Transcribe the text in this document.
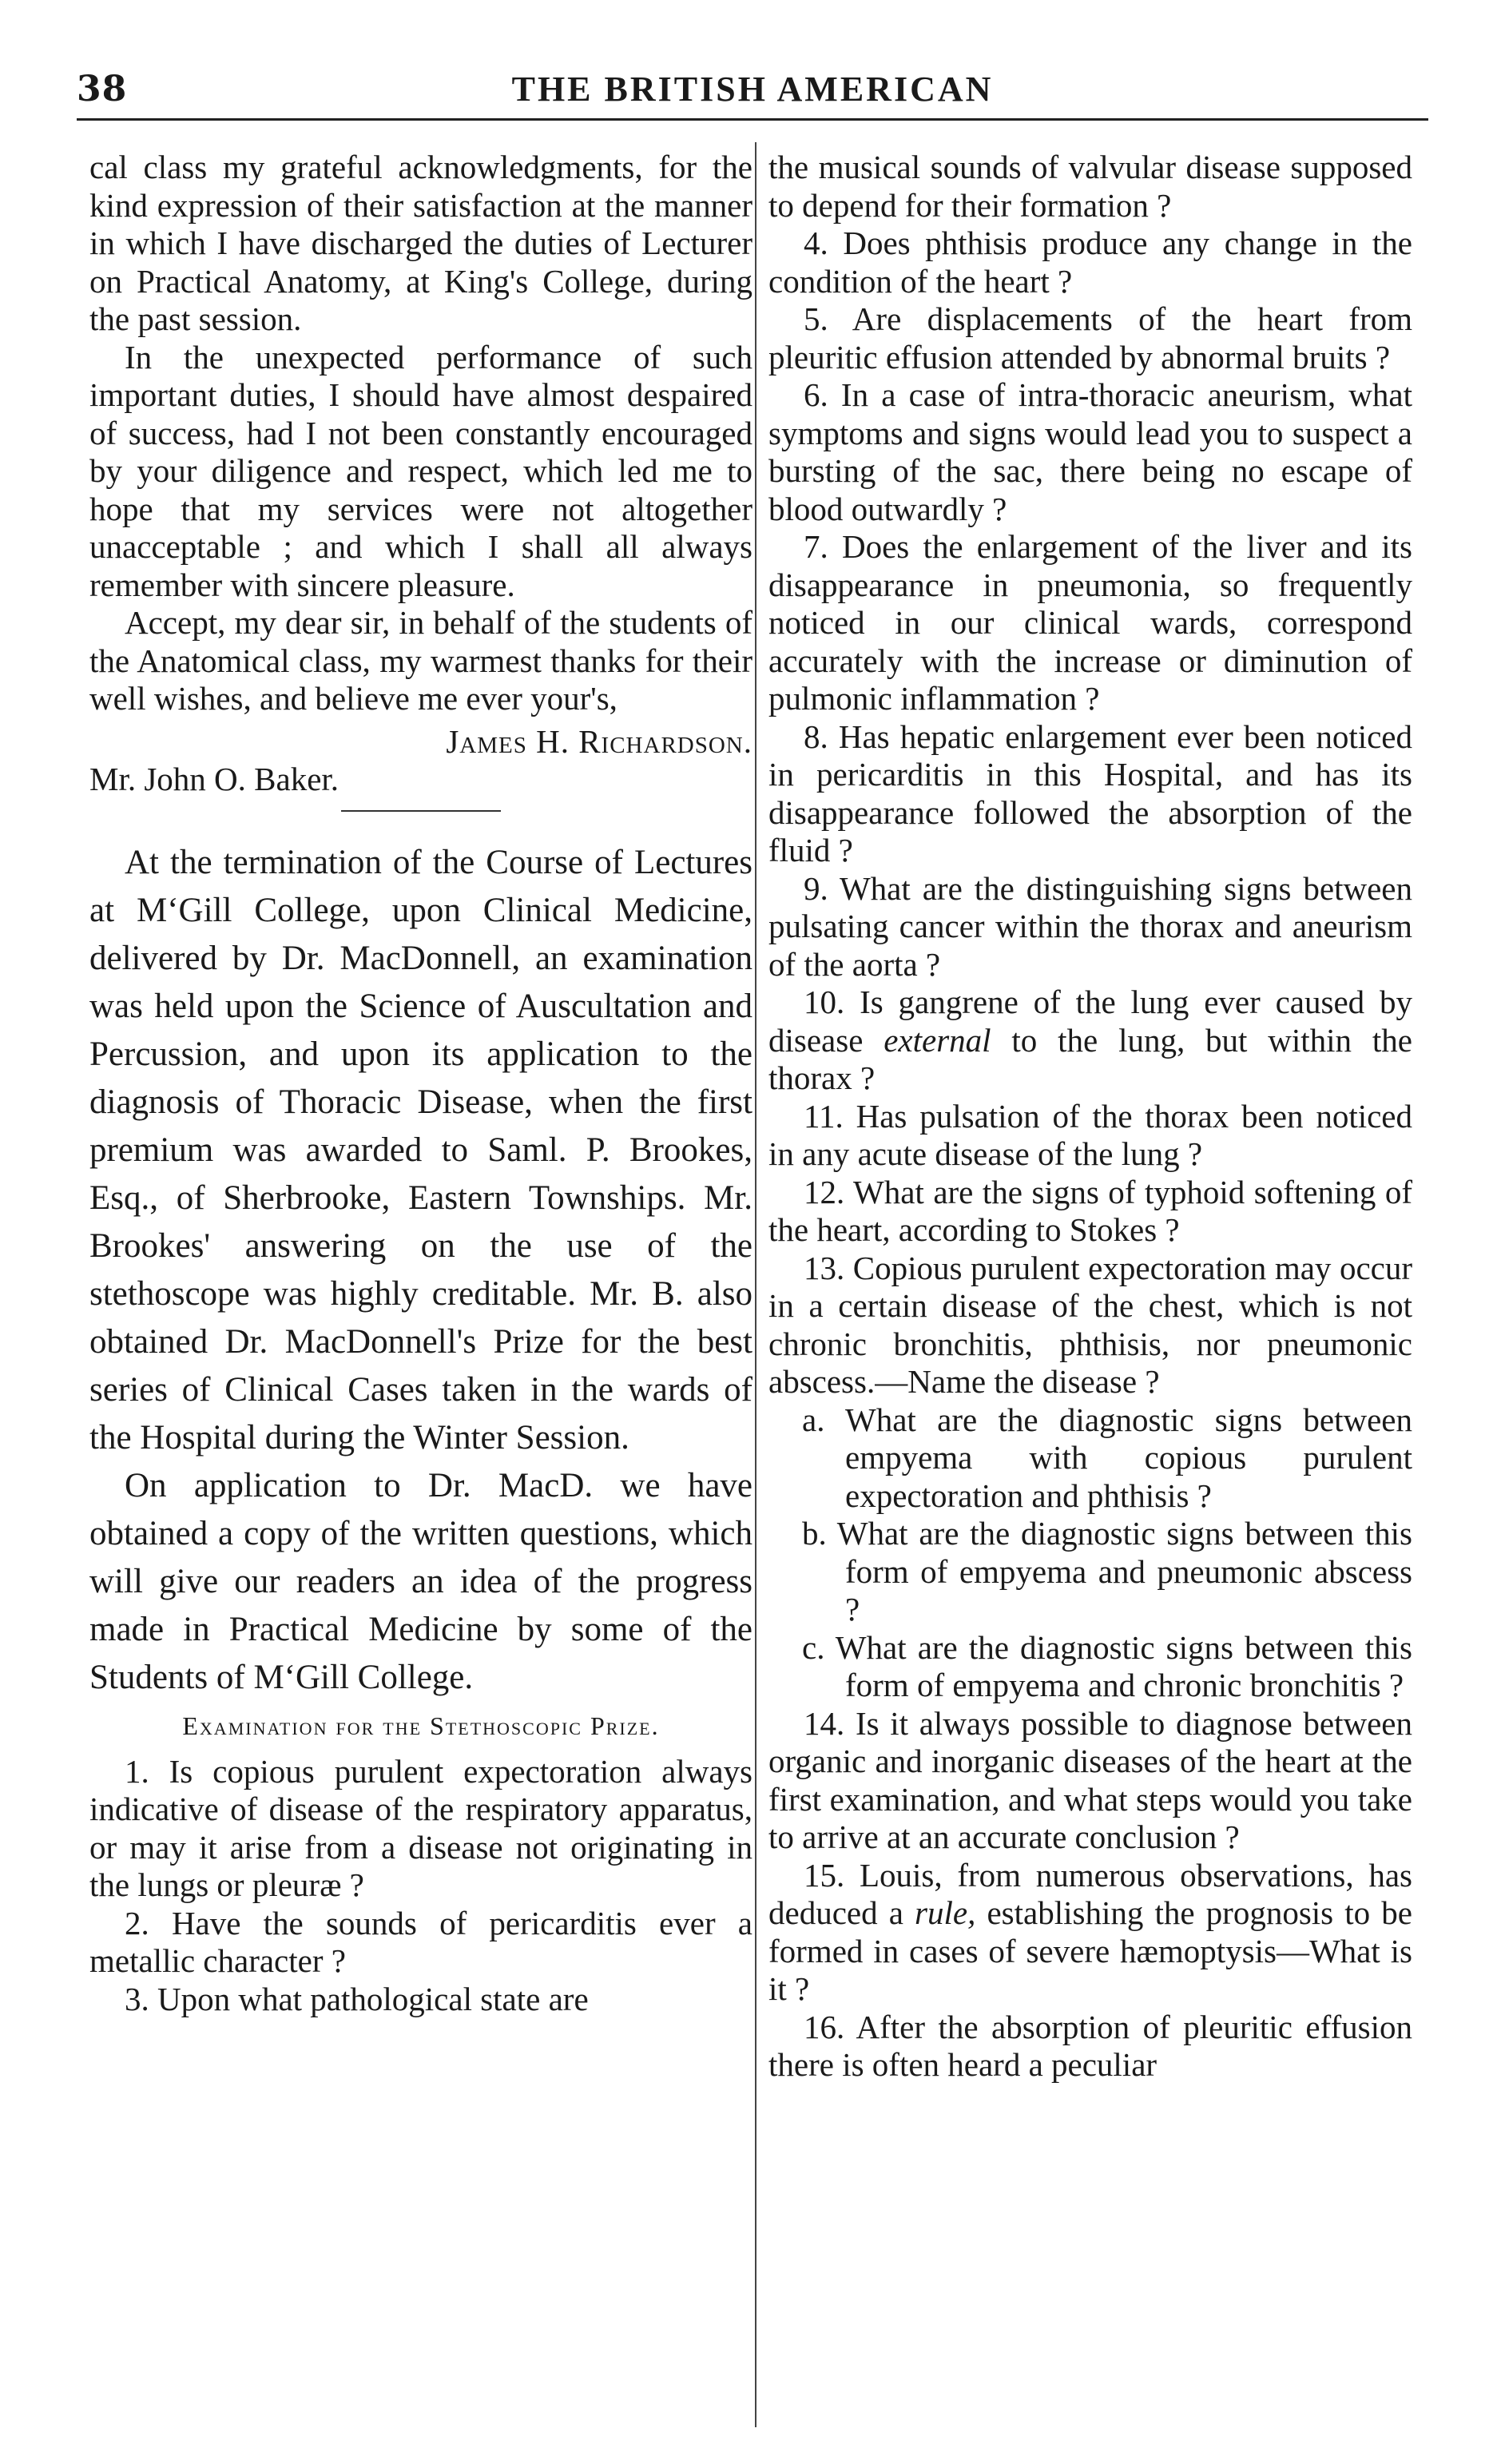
38	THE BRITISH AMERICAN

cal class my grateful acknowledgments, for the kind expression of their satisfaction at the manner in which I have discharged the duties of Lecturer on Practical Anatomy, at King's College, during the past session.

In the unexpected performance of such important duties, I should have almost despaired of success, had I not been constantly encouraged by your diligence and respect, which led me to hope that my services were not altogether unacceptable ; and which I shall all always remember with sincere pleasure.

Accept, my dear sir, in behalf of the students of the Anatomical class, my warmest thanks for their well wishes, and believe me ever your's,

James H. Richardson.

Mr. John O. Baker.

At the termination of the Course of Lectures at M‘Gill College, upon Clinical Medicine, delivered by Dr. MacDonnell, an examination was held upon the Science of Auscultation and Percussion, and upon its application to the diagnosis of Thoracic Disease, when the first premium was awarded to Saml. P. Brookes, Esq., of Sherbrooke, Eastern Townships. Mr. Brookes' answering on the use of the stethoscope was highly creditable. Mr. B. also obtained Dr. MacDonnell's Prize for the best series of Clinical Cases taken in the wards of the Hospital during the Winter Session.

On application to Dr. MacD. we have obtained a copy of the written questions, which will give our readers an idea of the progress made in Practical Medicine by some of the Students of M‘Gill College.

Examination for the Stethoscopic Prize.

1. Is copious purulent expectoration always indicative of disease of the respiratory apparatus, or may it arise from a disease not originating in the lungs or pleuræ ?

2. Have the sounds of pericarditis ever a metallic character ?

3. Upon what pathological state are

the musical sounds of valvular disease supposed to depend for their formation ?

4. Does phthisis produce any change in the condition of the heart ?

5. Are displacements of the heart from pleuritic effusion attended by abnormal bruits ?

6. In a case of intra-thoracic aneurism, what symptoms and signs would lead you to suspect a bursting of the sac, there being no escape of blood outwardly ?

7. Does the enlargement of the liver and its disappearance in pneumonia, so frequently noticed in our clinical wards, correspond accurately with the increase or diminution of pulmonic inflammation ?

8. Has hepatic enlargement ever been noticed in pericarditis in this Hospital, and has its disappearance followed the absorption of the fluid ?

9. What are the distinguishing signs between pulsating cancer within the thorax and aneurism of the aorta ?

10. Is gangrene of the lung ever caused by disease external to the lung, but within the thorax ?

11. Has pulsation of the thorax been noticed in any acute disease of the lung ?

12. What are the signs of typhoid softening of the heart, according to Stokes ?

13. Copious purulent expectoration may occur in a certain disease of the chest, which is not chronic bronchitis, phthisis, nor pneumonic abscess.—Name the disease ?

a. What are the diagnostic signs between empyema with copious purulent expectoration and phthisis ?

b. What are the diagnostic signs between this form of empyema and pneumonic abscess ?

c. What are the diagnostic signs between this form of empyema and chronic bronchitis ?

14. Is it always possible to diagnose between organic and inorganic diseases of the heart at the first examination, and what steps would you take to arrive at an accurate conclusion ?

15. Louis, from numerous observations, has deduced a rule, establishing the prognosis to be formed in cases of severe hæmoptysis—What is it ?

16. After the absorption of pleuritic effusion there is often heard a peculiar
